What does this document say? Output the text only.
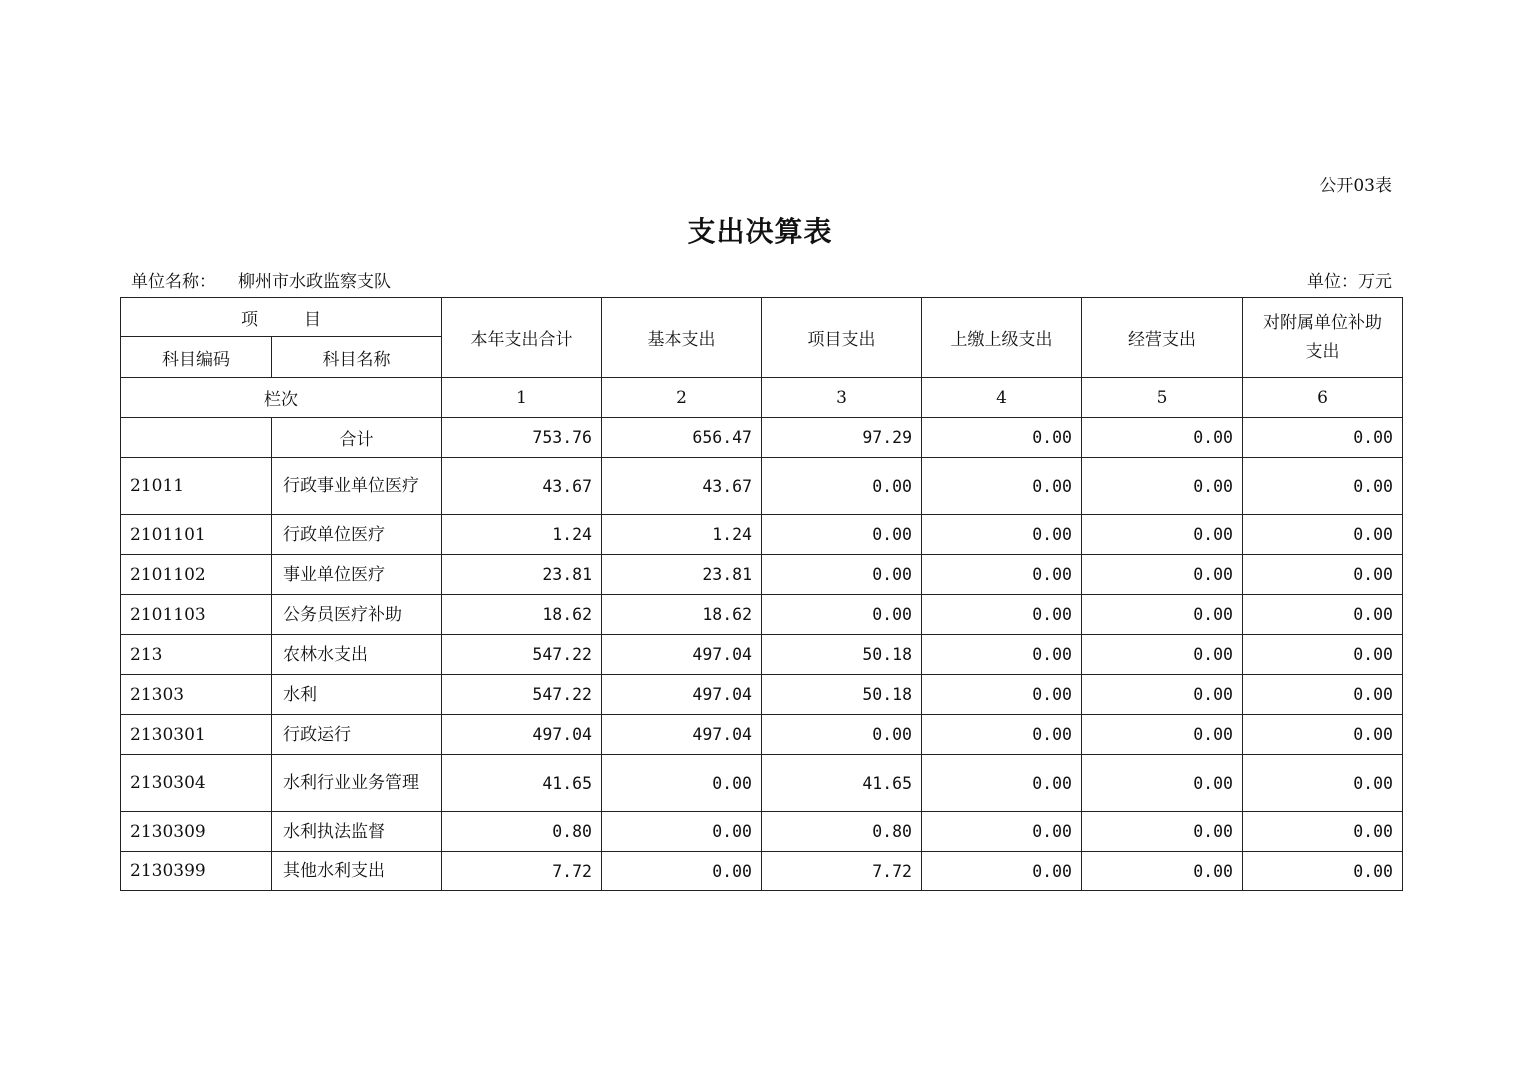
公开03表
支出决算表
单位名称： 柳州市水政监察支队	单位：万元
项 目		本年支出合计	基本支出	项目支出	上缴上级支出	经营支出	对附属单位补助支出

科目编码	科目名称						
栏次		1	2	3	4	5	6
	合计	753.76	656.47	97.29	0.00	0.00	0.00
21011	行政事业单位医疗	43.67	43.67	0.00	0.00	0.00	0.00
2101101	行政单位医疗	1.24	1.24	0.00	0.00	0.00	0.00
2101102	事业单位医疗	23.81	23.81	0.00	0.00	0.00	0.00
2101103	公务员医疗补助	18.62	18.62	0.00	0.00	0.00	0.00
213	农林水支出	547.22	497.04	50.18	0.00	0.00	0.00
21303	水利	547.22	497.04	50.18	0.00	0.00	0.00
2130301	行政运行	497.04	497.04	0.00	0.00	0.00	0.00
2130304	水利行业业务管理	41.65	0.00	41.65	0.00	0.00	0.00
2130309	水利执法监督	0.80	0.00	0.80	0.00	0.00	0.00
2130399	其他水利支出	7.72	0.00	7.72	0.00	0.00	0.00
